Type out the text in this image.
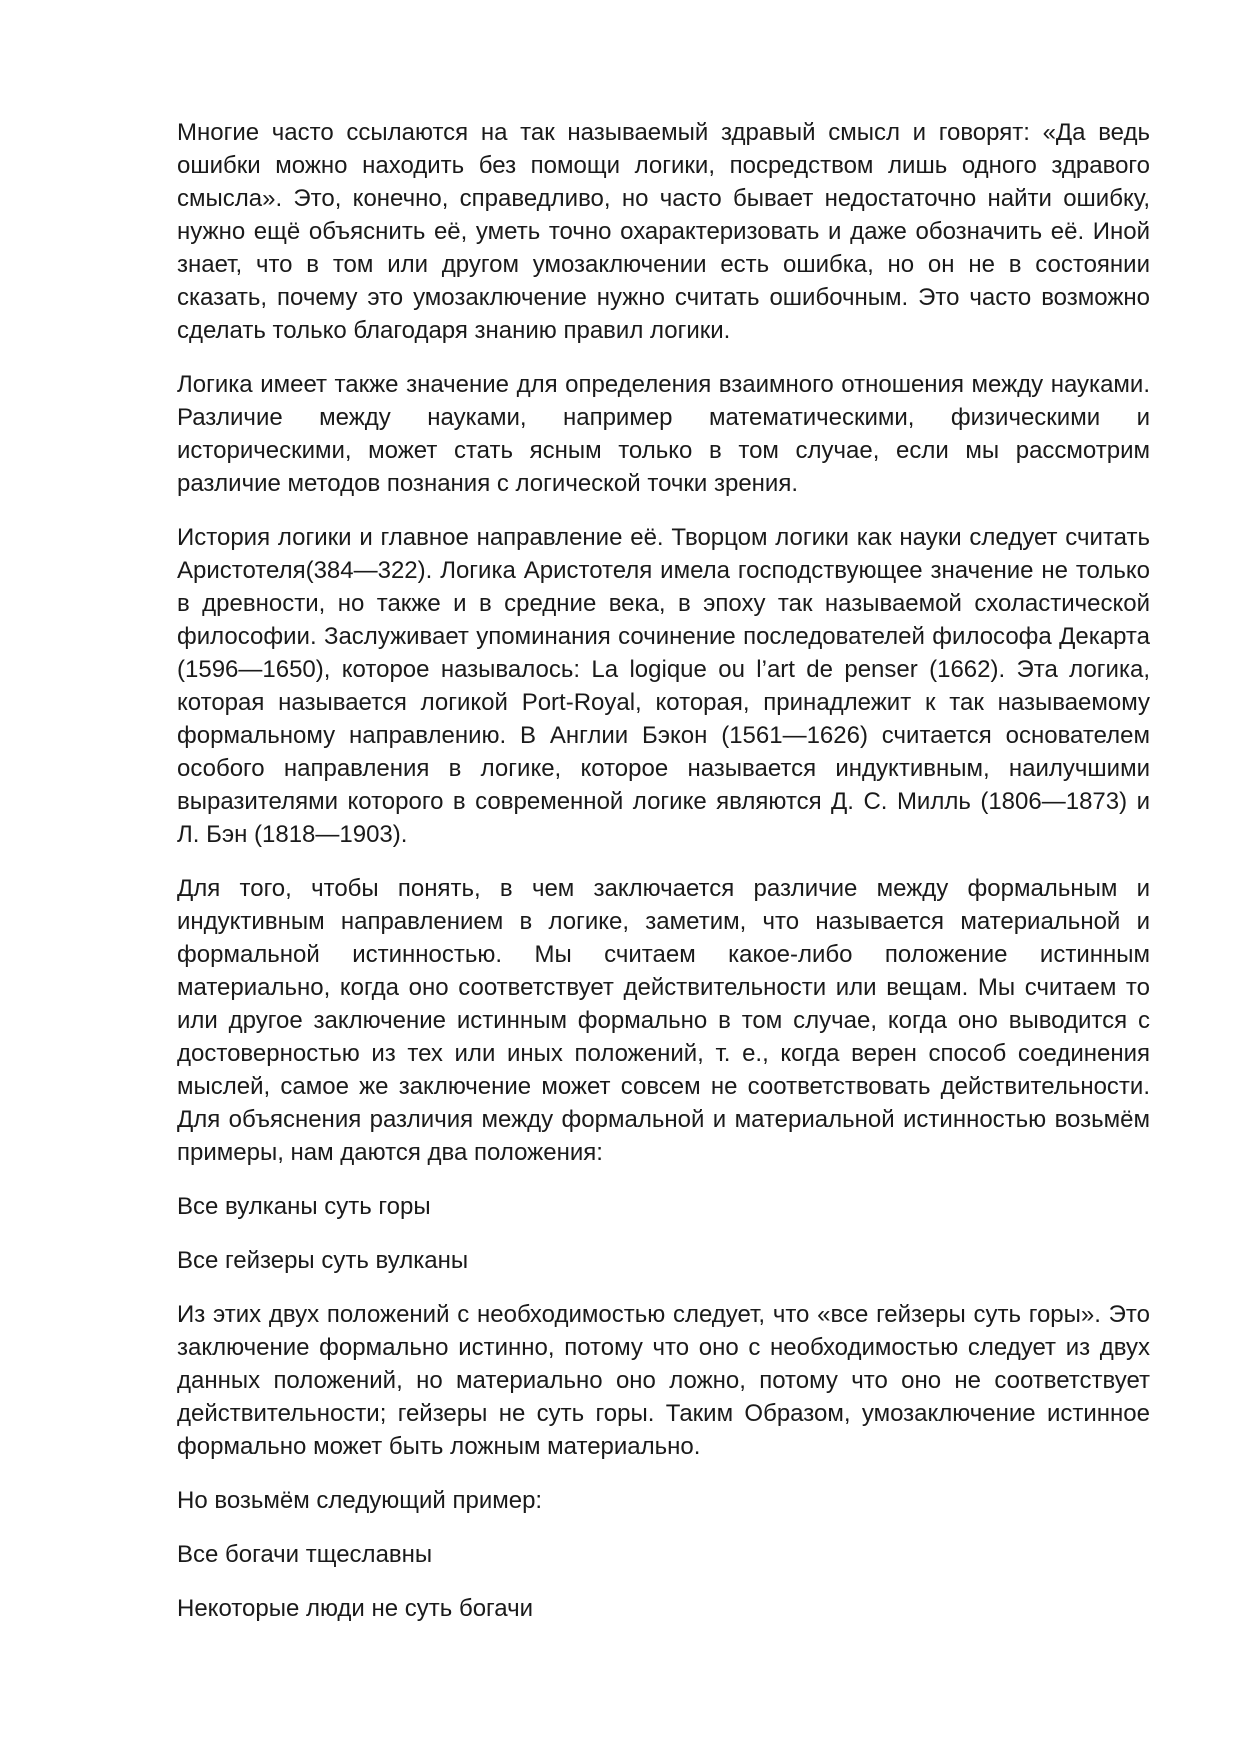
Многие часто ссылаются на так называемый здравый смысл и говорят: «Да ведь ошибки можно находить без помощи логики, посредством лишь одного здравого смысла». Это, конечно, справедливо, но часто бывает недостаточно найти ошибку, нужно ещё объяснить её, уметь точно охарактеризовать и даже обозначить её. Иной знает, что в том или другом умозаключении есть ошибка, но он не в состоянии сказать, почему это умозаключение нужно считать ошибочным. Это часто возможно сделать только благодаря знанию правил логики.

Логика имеет также значение для определения взаимного отношения между науками. Различие между науками, например математическими, физическими и историческими, может стать ясным только в том случае, если мы рассмотрим различие методов познания с логической точки зрения.

История логики и главное направление её. Творцом логики как науки следует считать Аристотеля(384—322). Логика Аристотеля имела господствующее значение не только в древности, но также и в средние века, в эпоху так называемой схоластической философии. Заслуживает упоминания сочинение последователей философа Декарта (1596—1650), которое называлось: La logique ou l’art de penser (1662). Эта логика, которая называется логикой Port-Royal, которая, принадлежит к так называемому формальному направлению. В Англии Бэкон (1561—1626) считается основателем особого направления в логике, которое называется индуктивным, наилучшими выразителями которого в современной логике являются Д. С. Милль (1806—1873) и Л. Бэн (1818—1903).

Для того, чтобы понять, в чем заключается различие между формальным и индуктивным направлением в логике, заметим, что называется материальной и формальной истинностью. Мы считаем какое-либо положение истинным материально, когда оно соответствует действительности или вещам. Мы считаем то или другое заключение истинным формально в том случае, когда оно выводится с достоверностью из тех или иных положений, т. е., когда верен способ соединения мыслей, самое же заключение может совсем не соответствовать действительности. Для объяснения различия между формальной и материальной истинностью возьмём примеры, нам даются два положения:

Все вулканы суть горы

Все гейзеры суть вулканы

Из этих двух положений с необходимостью следует, что «все гейзеры суть горы». Это заключение формально истинно, потому что оно с необходимостью следует из двух данных положений, но материально оно ложно, потому что оно не соответствует действительности; гейзеры не суть горы. Таким Образом, умозаключение истинное формально может быть ложным материально.

Но возьмём следующий пример:

Все богачи тщеславны

Некоторые люди не суть богачи
